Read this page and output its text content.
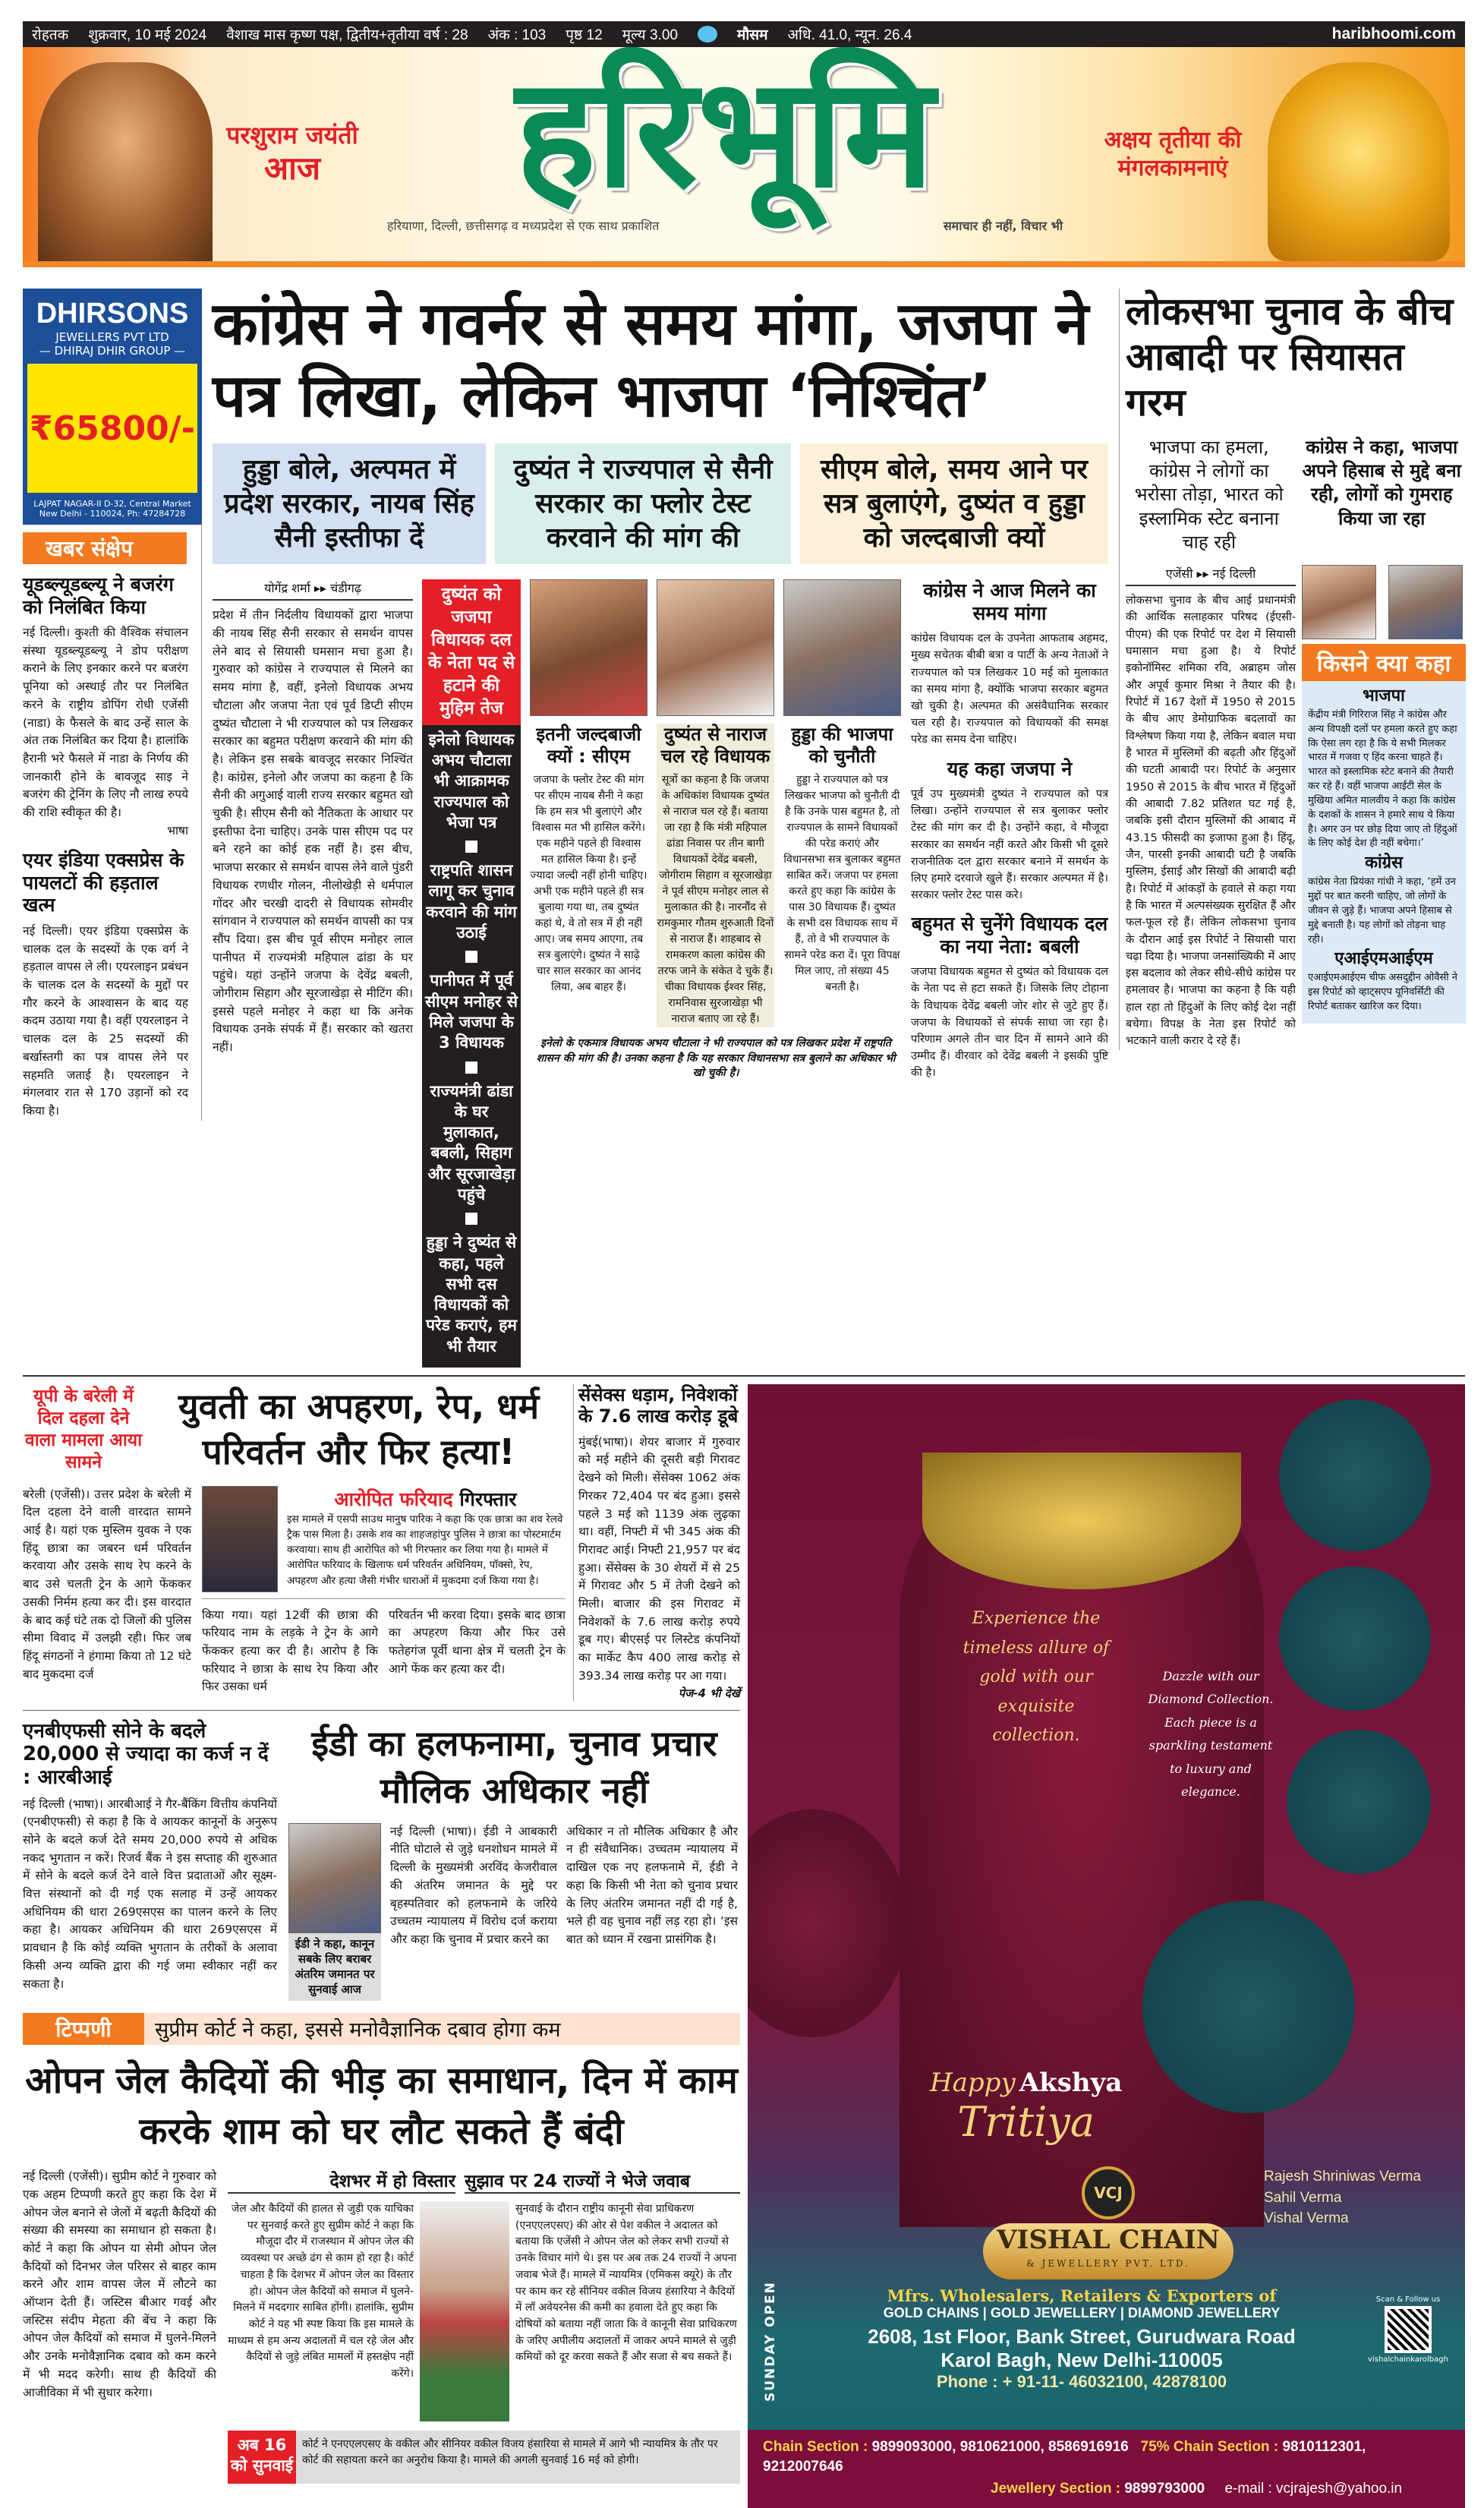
रोहतक शुक्रवार, 10 मई 2024 वैशाख मास कृष्ण पक्ष, द्वितीय+तृतीया वर्ष : 28 अंक : 103 पृष्ठ 12 मूल्य 3.00	मौसम अधि. 41.0, न्यून. 26.4	haribhoomi.com
परशुराम जयंती
आज हरिभूमि
हरियाणा, दिल्ली, छत्तीसगढ़ व मध्यप्रदेश से एक साथ प्रकाशित	समाचार ही नहीं, विचार भी
अक्षय तृतीया की
मंगलकामनाएं
DHIRSONS
JEWELLERS PVT LTD
— DHIRAJ DHIR GROUP —
₹65800/-
LAJPAT NAGAR-II D-32, Central Market New Delhi - 110024, Ph: 47284728
खबर संक्षेप
यूडब्ल्यूडब्ल्यू ने बजरंग को निलंबित किया

नई दिल्ली। कुश्ती की वैश्विक संचालन संस्था यूडब्ल्यूडब्ल्यू ने डोप परीक्षण कराने के लिए इनकार करने पर बजरंग पूनिया को अस्थाई तौर पर निलंबित करने के राष्ट्रीय डोपिंग रोधी एजेंसी (नाडा) के फैसले के बाद उन्हें साल के अंत तक निलंबित कर दिया है। हालांकि हैरानी भरे फैसले में नाडा के निर्णय की जानकारी होने के बावजूद साइ ने बजरंग की ट्रेनिंग के लिए नौ लाख रुपये की राशि स्वीकृत की है।

भाषा

एयर इंडिया एक्सप्रेस के पायलटों की हड़ताल खत्म

नई दिल्ली। एयर इंडिया एक्सप्रेस के चालक दल के सदस्यों के एक वर्ग ने हड़ताल वापस ले ली। एयरलाइन प्रबंधन के चालक दल के सदस्यों के मुद्दों पर गौर करने के आश्वासन के बाद यह कदम उठाया गया है। वहीं एयरलाइन ने चालक दल के 25 सदस्यों की बर्खास्तगी का पत्र वापस लेने पर सहमति जताई है। एयरलाइन ने मंगलवार रात से 170 उड़ानों को रद किया है।

कांग्रेस ने गवर्नर से समय मांगा, जजपा ने पत्र लिखा, लेकिन भाजपा ‘निश्चिंत’
हुड्डा बोले, अल्पमत में प्रदेश सरकार, नायब सिंह सैनी इस्तीफा दें
दुष्यंत ने राज्यपाल से सैनी सरकार का फ्लोर टेस्ट करवाने की मांग की
सीएम बोले, समय आने पर सत्र बुलाएंगे, दुष्यंत व हुड्डा को जल्दबाजी क्यों
योगेंद्र शर्मा ▸▸ चंडीगढ़

प्रदेश में तीन निर्दलीय विधायकों द्वारा भाजपा की नायब सिंह सैनी सरकार से समर्थन वापस लेने बाद से सियासी घमसान मचा हुआ है। गुरुवार को कांग्रेस ने राज्यपाल से मिलने का समय मांगा है, वहीं, इनेलो विधायक अभय चौटाला और जजपा नेता एवं पूर्व डिप्टी सीएम दुष्यंत चौटाला ने भी राज्यपाल को पत्र लिखकर सरकार का बहुमत परीक्षण करवाने की मांग की है। लेकिन इस सबके बावजूद सरकार निश्चिंत है। कांग्रेस, इनेलो और जजपा का कहना है कि सैनी की अगुआई वाली राज्य सरकार बहुमत खो चुकी है। सीएम सैनी को नैतिकता के आधार पर इस्तीफा देना चाहिए। उनके पास सीएम पद पर बने रहने का कोई हक नहीं है। इस बीच, भाजपा सरकार से समर्थन वापस लेने वाले पुंडरी विधायक रणधीर गोलन, नीलोखेड़ी से धर्मपाल गोंदर और चरखी दादरी से विधायक सोमवीर सांगवान ने राज्यपाल को समर्थन वापसी का पत्र सौंप दिया। इस बीच पूर्व सीएम मनोहर लाल पानीपत में राज्यमंत्री महिपाल ढांडा के घर पहुंचे। यहां उन्होंने जजपा के देवेंद्र बबली, जोगीराम सिहाग और सूरजाखेड़ा से मीटिंग की। इससे पहले मनोहर ने कहा था कि अनेक विधायक उनके संपर्क में हैं। सरकार को खतरा नहीं।

दुष्यंत को जजपा विधायक दल के नेता पद से हटाने की मुहिम तेज

इनेलो विधायक अभय चौटाला भी आक्रामक राज्यपाल को भेजा पत्र

राष्ट्रपति शासन लागू कर चुनाव करवाने की मांग उठाई

पानीपत में पूर्व सीएम मनोहर से मिले जजपा के 3 विधायक

राज्यमंत्री ढांडा के घर मुलाकात, बबली, सिहाग और सूरजाखेड़ा पहुंचे

हुड्डा ने दुष्यंत से कहा, पहले सभी दस विधायकों को परेड कराएं, हम भी तैयार

इतनी जल्दबाजी क्यों : सीएम
जजपा के फ्लोर टेस्ट की मांग पर सीएम नायब सैनी ने कहा कि हम सत्र भी बुलाएंगे और विश्वास मत भी हासिल करेंगे। एक महीने पहले ही विश्वास मत हासिल किया है। इन्हें ज्यादा जल्दी नहीं होनी चाहिए। अभी एक महीने पहले ही सत्र बुलाया गया था, तब दुष्यंत कहां थे, वे तो सत्र में ही नहीं आए। जब समय आएगा, तब सत्र बुलाएंगे। दुष्यंत ने साढ़े चार साल सरकार का आनंद लिया, अब बाहर हैं।
दुष्यंत से नाराज चल रहे विधायक
सूत्रों का कहना है कि जजपा के अधिकांश विधायक दुष्यंत से नाराज चल रहे हैं। बताया जा रहा है कि मंत्री महिपाल ढांडा निवास पर तीन बागी विधायकों देवेंद्र बबली, जोगीराम सिहाग व सूरजाखेड़ा ने पूर्व सीएम मनोहर लाल से मुलाकात की है। नारनौंद से रामकुमार गौतम शुरुआती दिनों से नाराज हैं। शाहबाद से रामकरण काला कांग्रेस की तरफ जाने के संकेत दे चुके हैं। चीका विधायक ईश्वर सिंह, रामनिवास सुरजाखेड़ा भी नाराज बताए जा रहे हैं।
हुड्डा की भाजपा को चुनौती
हुड्डा ने राज्यपाल को पत्र लिखकर भाजपा को चुनौती दी है कि उनके पास बहुमत है, तो राज्यपाल के सामने विधायकों की परेड कराएं और विधानसभा सत्र बुलाकर बहुमत साबित करें। जजपा पर हमला करते हुए कहा कि कांग्रेस के पास 30 विधायक हैं। दुष्यंत के सभी दस विधायक साथ में हैं, तो वे भी राज्यपाल के सामने परेड करा दें। पूरा विपक्ष मिल जाए, तो संख्या 45 बनती है।
इनेलो के एकमात्र विधायक अभय चौटाला ने भी राज्यपाल को पत्र लिखकर प्रदेश में राष्ट्रपति शासन की मांग की है। उनका कहना है कि यह सरकार विधानसभा सत्र बुलाने का अधिकार भी खो चुकी है।
कांग्रेस ने आज मिलने का समय मांगा

कांग्रेस विधायक दल के उपनेता आफताब अहमद, मुख्य सचेतक बीबी बत्रा व पार्टी के अन्य नेताओं ने राज्यपाल को पत्र लिखकर 10 मई को मुलाकात का समय मांगा है, क्योंकि भाजपा सरकार बहुमत खो चुकी है। अल्पमत की असंवैधानिक सरकार चल रही है। राज्यपाल को विधायकों की समक्ष परेड का समय देना चाहिए।

यह कहा जजपा ने

पूर्व उप मुख्यमंत्री दुष्यंत ने राज्यपाल को पत्र लिखा। उन्होंने राज्यपाल से सत्र बुलाकर फ्लोर टेस्ट की मांग कर दी है। उन्होंने कहा, वे मौजूदा सरकार का समर्थन नहीं करते और किसी भी दूसरे राजनीतिक दल द्वारा सरकार बनाने में समर्थन के लिए हमारे दरवाजे खुले हैं। सरकार अल्पमत में है। सरकार फ्लोर टेस्ट पास करे।

बहुमत से चुनेंगे विधायक दल का नया नेता: बबली

जजपा विधायक बहुमत से दुष्यंत को विधायक दल के नेता पद से हटा सकते हैं। जिसके लिए टोहाना के विधायक देवेंद्र बबली जोर शोर से जुटे हुए हैं। जजपा के विधायकों से संपर्क साधा जा रहा है। परिणाम अगले तीन चार दिन में सामने आने की उम्मीद हैं। वीरवार को देवेंद्र बबली ने इसकी पुष्टि की है।

लोकसभा चुनाव के बीच आबादी पर सियासत गरम
भाजपा का हमला, कांग्रेस ने लोगों का भरोसा तोड़ा, भारत को इस्लामिक स्टेट बनाना चाह रही
कांग्रेस ने कहा, भाजपा अपने हिसाब से मुद्दे बना रही, लोगों को गुमराह किया जा रहा
एजेंसी ▸▸ नई दिल्ली

लोकसभा चुनाव के बीच आई प्रधानमंत्री की आर्थिक सलाहकार परिषद (ईएसी-पीएम) की एक रिपोर्ट पर देश में सियासी घमासान मचा हुआ है। ये रिपोर्ट इकोनॉमिस्ट शमिका रवि, अब्राहम जोस और अपूर्व कुमार मिश्रा ने तैयार की है। रिपोर्ट में 167 देशों में 1950 से 2015 के बीच आए डेमोग्राफिक बदलावों का विश्लेषण किया गया है, लेकिन बवाल मचा है भारत में मुस्लिमों की बढ़ती और हिंदुओं की घटती आबादी पर। रिपोर्ट के अनुसार 1950 से 2015 के बीच भारत में हिंदुओं की आबादी 7.82 प्रतिशत घट गई है, जबकि इसी दौरान मुस्लिमों की आबाद में 43.15 फीसदी का इजाफा हुआ है। हिंदू, जैन, पारसी इनकी आबादी घटी है जबकि मुस्लिम, ईसाई और सिखों की आबादी बढ़ी है। रिपोर्ट में आंकड़ों के हवाले से कहा गया है कि भारत में अल्पसंख्यक सुरक्षित हैं और फल-फूल रहे हैं। लेकिन लोकसभा चुनाव के दौरान आई इस रिपोर्ट ने सियासी पारा चढ़ा दिया है। भाजपा जनसांख्यिकी में आए इस बदलाव को लेकर सीधे-सीधे कांग्रेस पर हमलावर है। भाजपा का कहना है कि यही हाल रहा तो हिंदुओं के लिए कोई देश नहीं बचेगा। विपक्ष के नेता इस रिपोर्ट को भटकाने वाली करार दे रहे हैं।

किसने क्या कहा
भाजपा

केंद्रीय मंत्री गिरिराज सिंह ने कांग्रेस और अन्य विपक्षी दलों पर हमला करते हुए कहा कि ऐसा लग रहा है कि ये सभी मिलकर भारत में गजवा ए हिंद करना चाहते हैं। भारत को इस्लामिक स्टेट बनाने की तैयारी कर रहे हैं। वहीं भाजपा आईटी सेल के मुखिया अमित मालवीय ने कहा कि कांग्रेस के दशकों के शासन ने हमारे साथ ये किया है। अगर उन पर छोड़ दिया जाए तो हिंदुओं के लिए कोई देश ही नहीं बचेगा।’

कांग्रेस

कांग्रेस नेता प्रियंका गांधी ने कहा, ‘हमें उन मुद्दों पर बात करनी चाहिए, जो लोगों के जीवन से जुड़े हैं। भाजपा अपने हिसाब से मुद्दे बनाती है। यह लोगों को तोड़ना चाह रही।

एआईएमआईएम

एआईएमआईएम चीफ असदुद्दीन ओवैसी ने इस रिपोर्ट को व्हाट्सएप यूनिवर्सिटी की रिपोर्ट बताकर खारिज कर दिया।

यूपी के बरेली में दिल दहला देने वाला मामला आया सामने
युवती का अपहरण, रेप, धर्म परिवर्तन और फिर हत्या!

बरेली (एजेंसी)। उत्तर प्रदेश के बरेली में दिल दहला देने वाली वारदात सामने आई है। यहां एक मुस्लिम युवक ने एक हिंदू छात्रा का जबरन धर्म परिवर्तन करवाया और उसके साथ रेप करने के बाद उसे चलती ट्रेन के आगे फेंककर उसकी निर्मम हत्या कर दी। इस वारदात के बाद कई घंटे तक दो जिलों की पुलिस सीमा विवाद में उलझी रही। फिर जब हिंदू संगठनों ने हंगामा किया तो 12 घंटे बाद मुकदमा दर्ज

आरोपित फरियाद गिरफ्तार

इस मामले में एसपी साउथ मानुष पारिक ने कहा कि एक छात्रा का शव रेलवे ट्रैक पास मिला है। उसके शव का शाहजहांपुर पुलिस ने छात्रा का पोस्टमार्टम करवाया। साथ ही आरोपित को भी गिरफ्तार कर लिया गया है। मामले में आरोपित फरियाद के खिलाफ धर्म परिवर्तन अधिनियम, पॉक्सो, रेप, अपहरण और हत्या जैसी गंभीर धाराओं में मुकदमा दर्ज किया गया है।

किया गया। यहां 12वीं की छात्रा की फरियाद नाम के लड़के ने ट्रेन के आगे फेंककर हत्या कर दी है। आरोप है कि फरियाद ने छात्रा के साथ रेप किया और फिर उसका धर्म

परिवर्तन भी करवा दिया। इसके बाद छात्रा का अपहरण किया और फिर उसे फतेहगंज पूर्वी थाना क्षेत्र में चलती ट्रेन के आगे फेंक कर हत्या कर दी।

सेंसेक्स धड़ाम, निवेशकों के 7.6 लाख करोड़ डूबे

मुंबई(भाषा)। शेयर बाजार में गुरुवार को मई महीने की दूसरी बड़ी गिरावट देखने को मिली। सेंसेक्स 1062 अंक गिरकर 72,404 पर बंद हुआ। इससे पहले 3 मई को 1139 अंक लुढ़का था। वहीं, निफ्टी में भी 345 अंक की गिरावट आई। निफ्टी 21,957 पर बंद हुआ। सेंसेक्स के 30 शेयरों में से 25 में गिरावट और 5 में तेजी देखने को मिली। बाजार की इस गिरावट में निवेशकों के 7.6 लाख करोड़ रुपये डूब गए। बीएसई पर लिस्टेड कंपनियों का मार्केट कैप 400 लाख करोड़ से 393.34 लाख करोड़ पर आ गया।

पेज-4 भी देखें

एनबीएफसी सोने के बदले 20,000 से ज्यादा का कर्ज न दें : आरबीआई

नई दिल्ली (भाषा)। आरबीआई ने गैर-बैंकिंग वित्तीय कंपनियों (एनबीएफसी) से कहा है कि वे आयकर कानूनों के अनुरूप सोने के बदले कर्ज देते समय 20,000 रुपये से अधिक नकद भुगतान न करें। रिजर्व बैंक ने इस सप्ताह की शुरुआत में सोने के बदले कर्ज देने वाले वित्त प्रदाताओं और सूक्ष्म-वित्त संस्थानों को दी गई एक सलाह में उन्हें आयकर अधिनियम की धारा 269एसएस का पालन करने के लिए कहा है। आयकर अधिनियम की धारा 269एसएस में प्रावधान है कि कोई व्यक्ति भुगतान के तरीकों के अलावा किसी अन्य व्यक्ति द्वारा की गई जमा स्वीकार नहीं कर सकता है।

ईडी का हलफनामा, चुनाव प्रचार मौलिक अधिकार नहीं
ईडी ने कहा, कानून सबके लिए बराबर अंतरिम जमानत पर सुनवाई आज

नई दिल्ली (भाषा)। ईडी ने आबकारी नीति घोटाले से जुड़े धनशोधन मामले में दिल्ली के मुख्यमंत्री अरविंद केजरीवाल की अंतरिम जमानत के मुद्दे पर बृहस्पतिवार को हलफनामे के जरिये उच्चतम न्यायालय में विरोध दर्ज कराया और कहा कि चुनाव में प्रचार करने का

अधिकार न तो मौलिक अधिकार है और न ही संवैधानिक। उच्चतम न्यायालय में दाखिल एक नए हलफनामे में, ईडी ने कहा कि किसी भी नेता को चुनाव प्रचार के लिए अंतरिम जमानत नहीं दी गई है, भले ही वह चुनाव नहीं लड़ रहा हो। ‘इस बात को ध्यान में रखना प्रासंगिक है।

टिप्पणी	सुप्रीम कोर्ट ने कहा, इससे मनोवैज्ञानिक दबाव होगा कम
ओपन जेल कैदियों की भीड़ का समाधान, दिन में काम करके शाम को घर लौट सकते हैं बंदी

नई दिल्ली (एजेंसी)। सुप्रीम कोर्ट ने गुरुवार को एक अहम टिप्पणी करते हुए कहा कि देश में ओपन जेल बनाने से जेलों में बढ़ती कैदियों की संख्या की समस्या का समाधान हो सकता है। कोर्ट ने कहा कि ओपन या सेमी ओपन जेल कैदियों को दिनभर जेल परिसर से बाहर काम करने और शाम वापस जेल में लौटने का ऑप्शन देती हैं। जस्टिस बीआर गवई और जस्टिस संदीप मेहता की बेंच ने कहा कि ओपन जेल कैदियों को समाज में घुलने-मिलने और उनके मनोवैज्ञानिक दबाव को कम करने में भी मदद करेगी। साथ ही कैदियों की आजीविका में भी सुधार करेगा।

देशभर में हो विस्तार सुझाव पर 24 राज्यों ने भेजे जवाब

जेल और कैदियों की हालत से जुड़ी एक याचिका पर सुनवाई करते हुए सुप्रीम कोर्ट ने कहा कि मौजूदा दौर में राजस्थान में ओपन जेल की व्यवस्था पर अच्छे ढंग से काम हो रहा है। कोर्ट चाहता है कि देशभर में ओपन जेल का विस्तार हो। ओपन जेल कैदियों को समाज में घुलने-मिलने में मददगार साबित होंगी। हालांकि, सुप्रीम कोर्ट ने यह भी स्पष्ट किया कि इस मामले के माध्यम से हम अन्य अदालतों में चल रहे जेल और कैदियों से जुड़े लंबित मामलों में हस्तक्षेप नहीं करेंगे।

सुनवाई के दौरान राष्ट्रीय कानूनी सेवा प्राधिकरण (एनएएलएसए) की ओर से पेश वकील ने अदालत को बताया कि एजेंसी ने ओपन जेल को लेकर सभी राज्यों से उनके विचार मांगे थे। इस पर अब तक 24 राज्यों ने अपना जवाब भेजे हैं। मामले में न्यायमित्र (एमिकस क्यूरे) के तौर पर काम कर रहे सीनियर वकील विजय हंसारिया ने कैदियों में लॉ अवेयरनेस की कमी का हवाला देते हुए कहा कि दोषियों को बताया नहीं जाता कि वे कानूनी सेवा प्राधिकरण के जरिए अपीलीय अदालतों में जाकर अपने मामले से जुड़ी कमियों को दूर करवा सकते हैं और सजा से बच सकते हैं।

अब 16 को सुनवाई
कोर्ट ने एनएएलएसए के वकील और सीनियर वकील विजय हंसारिया से मामले में आगे भी न्यायमित्र के तौर पर कोर्ट की सहायता करने का अनुरोध किया है। मामले की अगली सुनवाई 16 मई को होगी।
Experience the timeless allure of gold with our exquisite collection.
Dazzle with our Diamond Collection. Each piece is a sparkling testament to luxury and elegance.
Happy Akshya
Tritiya
VCJ
VISHAL CHAIN
& JEWELLERY PVT. LTD.
Rajesh Shriniwas Verma
Sahil Verma
Vishal Verma
Mfrs. Wholesalers, Retailers & Exporters of
GOLD CHAINS | GOLD JEWELLERY | DIAMOND JEWELLERY
2608, 1st Floor, Bank Street, Gurudwara Road
Karol Bagh, New Delhi-110005
Phone : + 91-11- 46032100, 42878100
SUNDAY OPEN	Scan & Follow us
vishalchainkarolbagh
Chain Section : 9899093000, 9810621000, 8586916916 75% Chain Section : 9810112301, 9212007646
Jewellery Section : 9899793000 e-mail : vcjrajesh@yahoo.in
